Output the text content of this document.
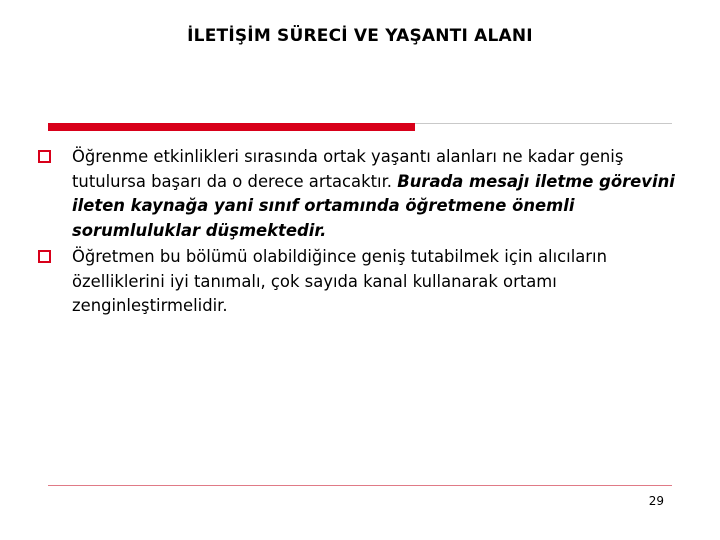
İLETİŞİM SÜRECİ VE YAŞANTI ALANI
Öğrenme etkinlikleri sırasında ortak yaşantı alanları ne kadar geniş tutulursa başarı da o derece artacaktır. Burada mesajı iletme görevini ileten kaynağa yani sınıf ortamında öğretmene önemli sorumluluklar düşmektedir.
Öğretmen bu bölümü olabildiğince geniş tutabilmek için alıcıların özelliklerini iyi tanımalı, çok sayıda kanal kullanarak ortamı zenginleştirmelidir.
29
